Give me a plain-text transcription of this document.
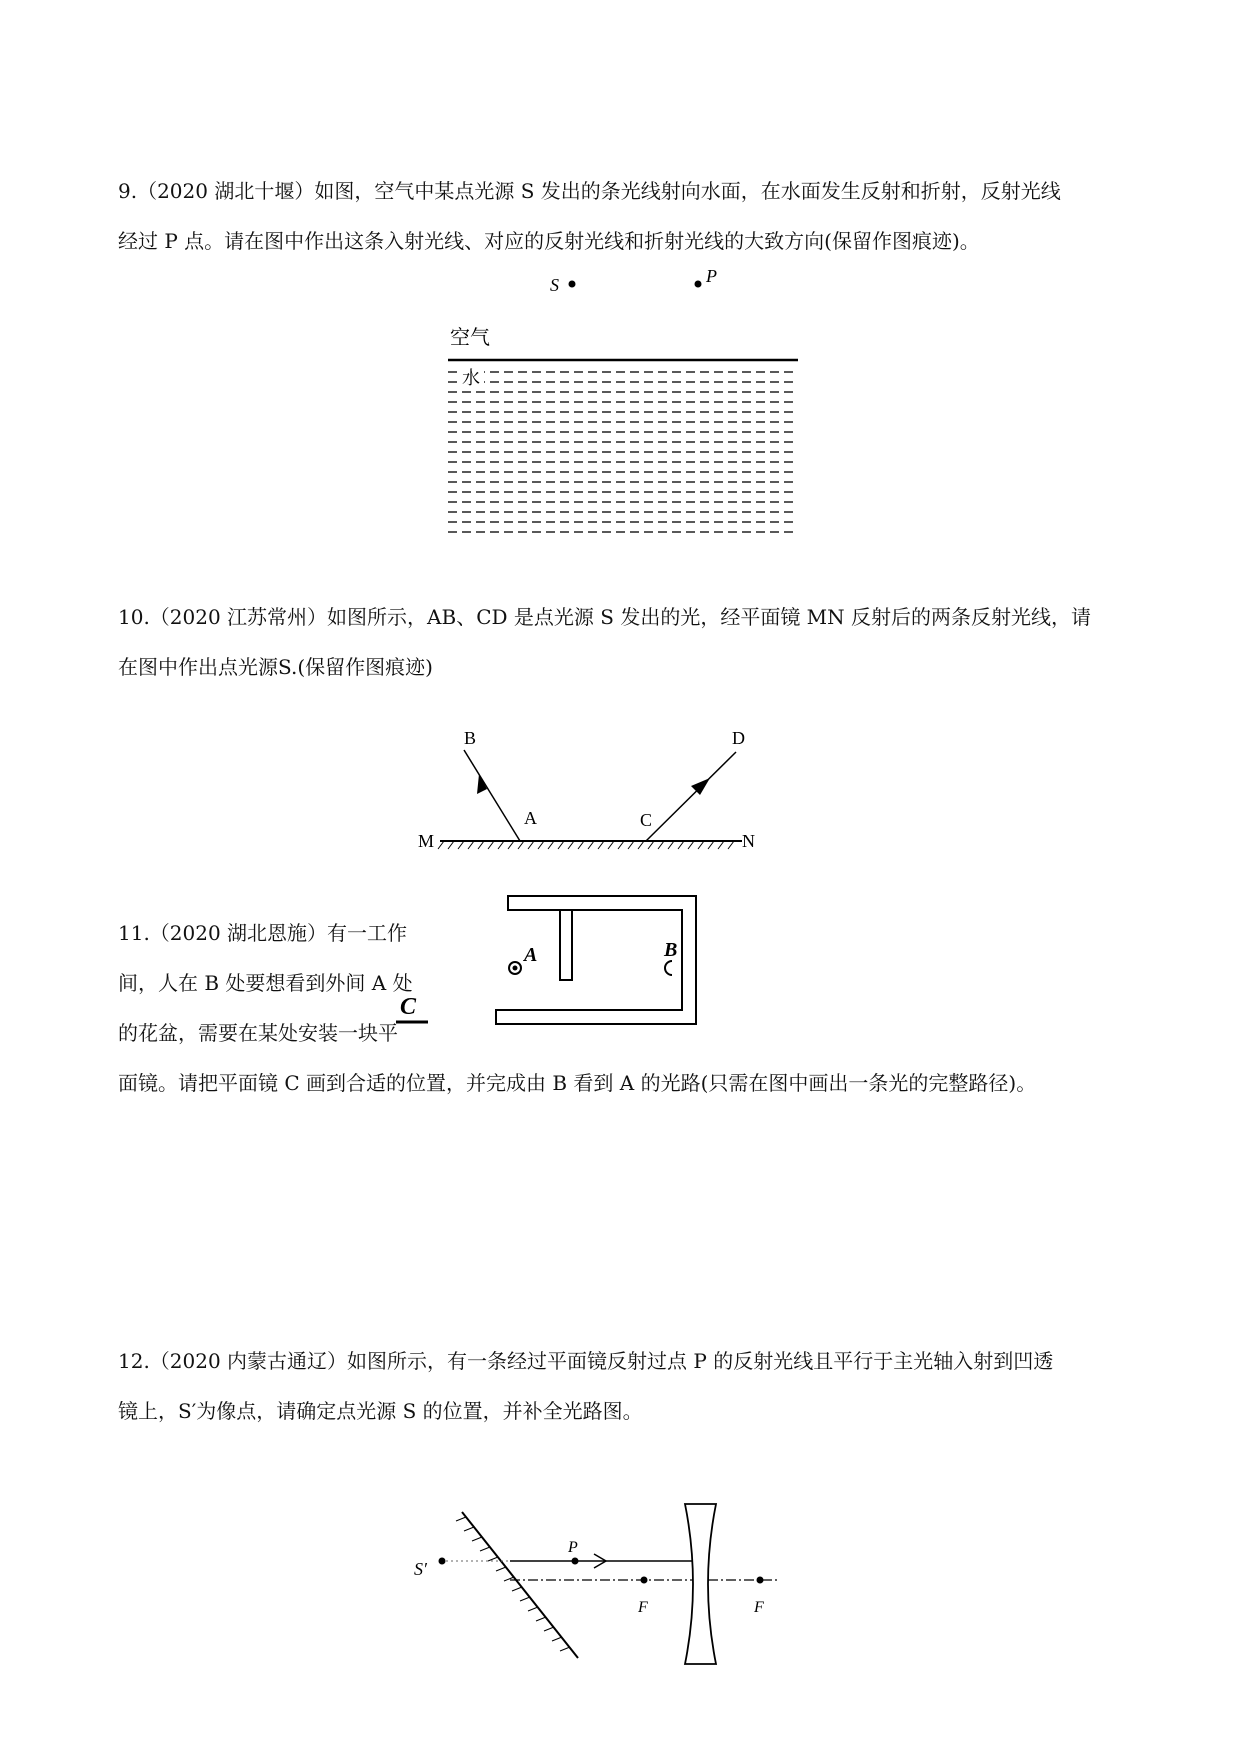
9.（2020 湖北十堰）如图，空气中某点光源 S 发出的条光线射向水面，在水面发生反射和折射，反射光线

经过 P 点。请在图中作出这条入射光线、对应的反射光线和折射光线的大致方向(保留作图痕迹)。

S	P
空气
水

10.（2020 江苏常州）如图所示，AB、CD 是点光源 S 发出的光，经平面镜 MN 反射后的两条反射光线，请

在图中作出点光源S.(保留作图痕迹)

B
A	C
D
M	N

11.（2020 湖北恩施）有一工作

间，人在 B 处要想看到外间 A 处

的花盆，需要在某处安装一块平

面镜。请把平面镜 C 画到合适的位置，并完成由 B 看到 A 的光路(只需在图中画出一条光的完整路径)。

A	B
C

12.（2020 内蒙古通辽）如图所示，有一条经过平面镜反射过点 P 的反射光线且平行于主光轴入射到凹透

镜上，S′为像点，请确定点光源 S 的位置，并补全光路图。

S′
P
F	F
